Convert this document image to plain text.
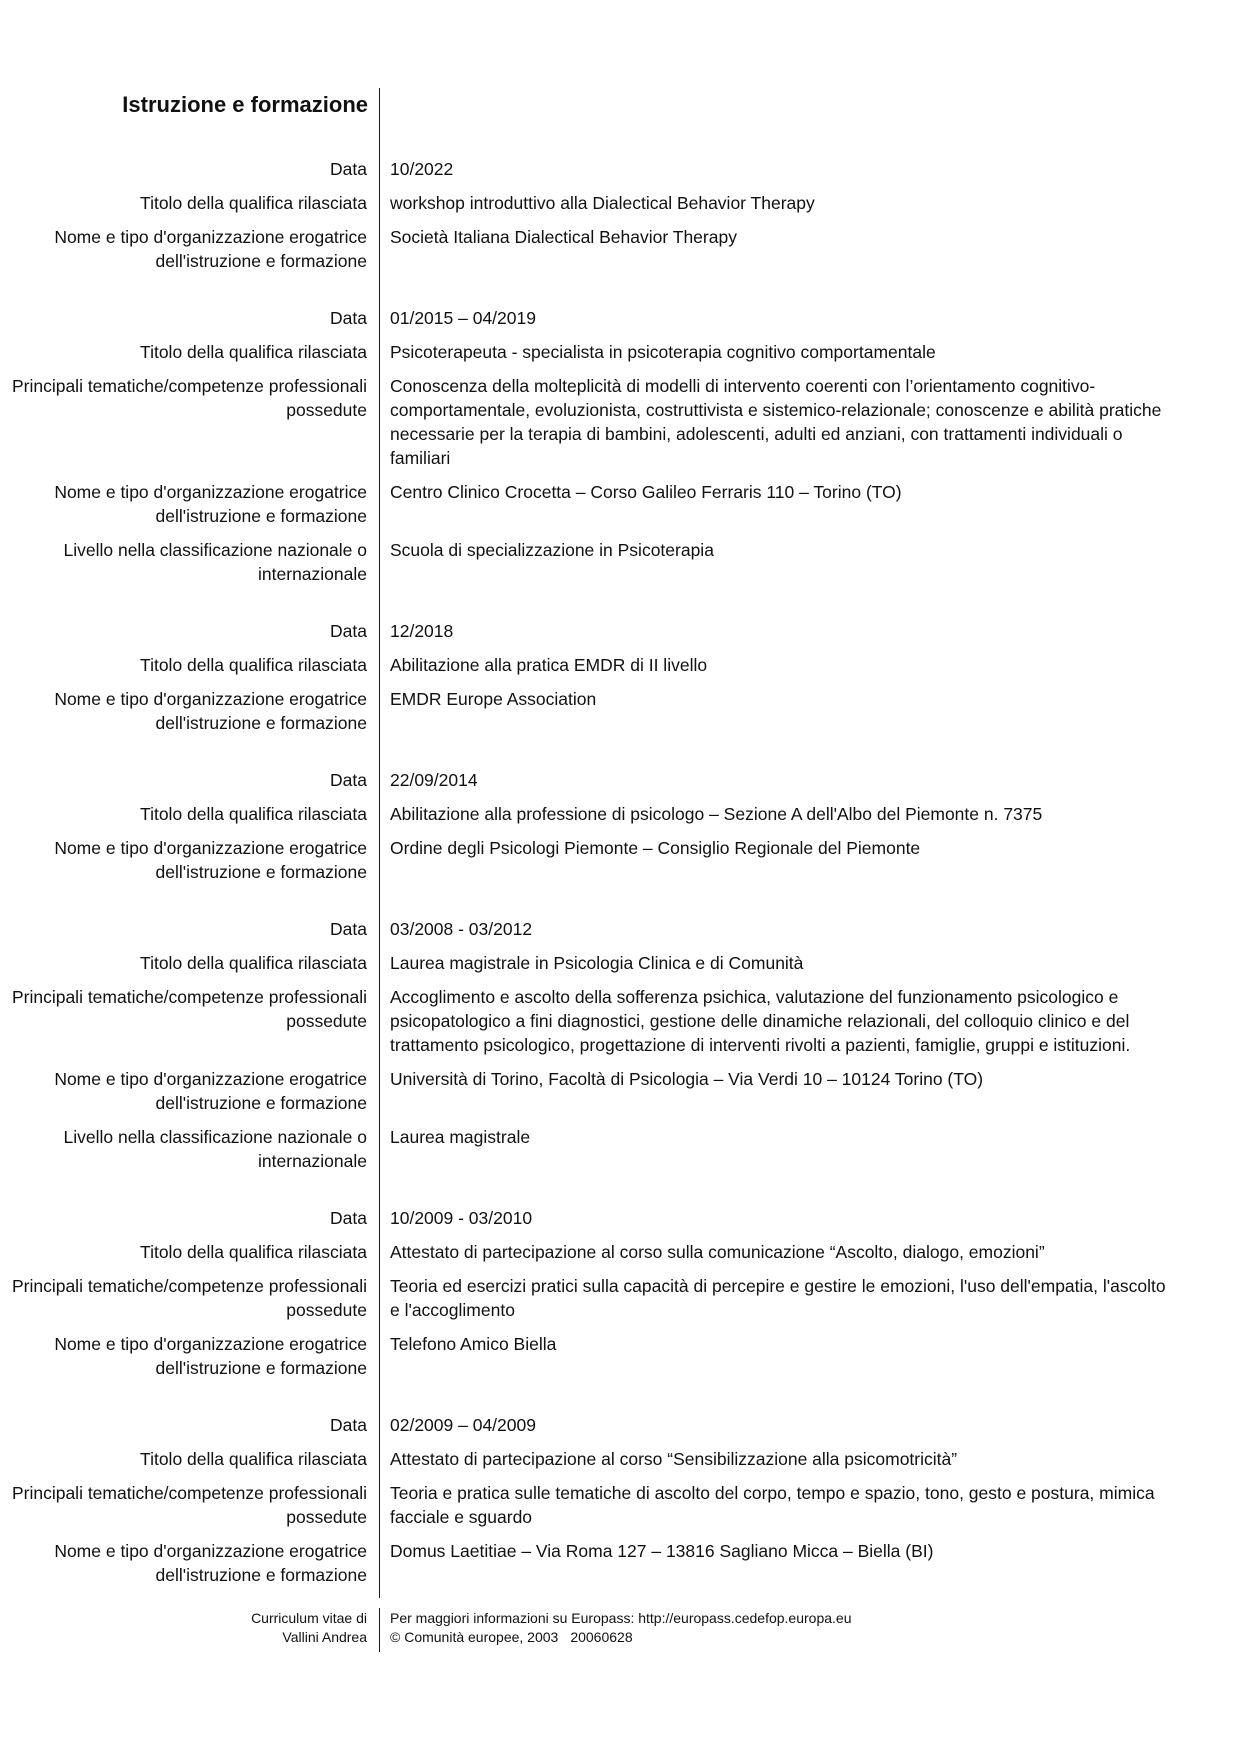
Istruzione e formazione
Data 10/2022
Titolo della qualifica rilasciata workshop introduttivo alla Dialectical Behavior Therapy
Nome e tipo d'organizzazione erogatrice dell'istruzione e formazione
Società Italiana Dialectical Behavior Therapy
Data 01/2015 – 04/2019
Titolo della qualifica rilasciata Psicoterapeuta - specialista in psicoterapia cognitivo comportamentale
Principali tematiche/competenze professionali possedute
Conoscenza della molteplicità di modelli di intervento coerenti con l’orientamento cognitivo-comportamentale, evoluzionista, costruttivista e sistemico-relazionale; conoscenze e abilità pratiche necessarie per la terapia di bambini, adolescenti, adulti ed anziani, con trattamenti individuali o familiari
Nome e tipo d'organizzazione erogatrice dell'istruzione e formazione
Centro Clinico Crocetta – Corso Galileo Ferraris 110 – Torino (TO)
Livello nella classificazione nazionale o internazionale
Scuola di specializzazione in Psicoterapia
Data 12/2018
Titolo della qualifica rilasciata Abilitazione alla pratica EMDR di II livello
Nome e tipo d'organizzazione erogatrice dell'istruzione e formazione
EMDR Europe Association
Data 22/09/2014
Titolo della qualifica rilasciata Abilitazione alla professione di psicologo – Sezione A dell'Albo del Piemonte n. 7375
Nome e tipo d'organizzazione erogatrice dell'istruzione e formazione
Ordine degli Psicologi Piemonte – Consiglio Regionale del Piemonte
Data 03/2008 - 03/2012
Titolo della qualifica rilasciata Laurea magistrale in Psicologia Clinica e di Comunità
Principali tematiche/competenze professionali possedute
Accoglimento e ascolto della sofferenza psichica, valutazione del funzionamento psicologico e psicopatologico a fini diagnostici, gestione delle dinamiche relazionali, del colloquio clinico e del trattamento psicologico, progettazione di interventi rivolti a pazienti, famiglie, gruppi e istituzioni.
Nome e tipo d'organizzazione erogatrice dell'istruzione e formazione
Università di Torino, Facoltà di Psicologia – Via Verdi 10 – 10124 Torino (TO)
Livello nella classificazione nazionale o internazionale
Laurea magistrale
Data 10/2009 - 03/2010
Titolo della qualifica rilasciata Attestato di partecipazione al corso sulla comunicazione “Ascolto, dialogo, emozioni”
Principali tematiche/competenze professionali possedute
Teoria ed esercizi pratici sulla capacità di percepire e gestire le emozioni, l'uso dell'empatia, l'ascolto e l'accoglimento
Nome e tipo d'organizzazione erogatrice dell'istruzione e formazione
Telefono Amico Biella
Data 02/2009 – 04/2009
Titolo della qualifica rilasciata Attestato di partecipazione al corso “Sensibilizzazione alla psicomotricità”
Principali tematiche/competenze professionali possedute
Teoria e pratica sulle tematiche di ascolto del corpo, tempo e spazio, tono, gesto e postura, mimica facciale e sguardo
Nome e tipo d'organizzazione erogatrice dell'istruzione e formazione
Domus Laetitiae – Via Roma 127 – 13816 Sagliano Micca – Biella (BI)
Curriculum vitae di
Vallini Andrea
Per maggiori informazioni su Europass: http://europass.cedefop.europa.eu
© Comunità europee, 2003 20060628
